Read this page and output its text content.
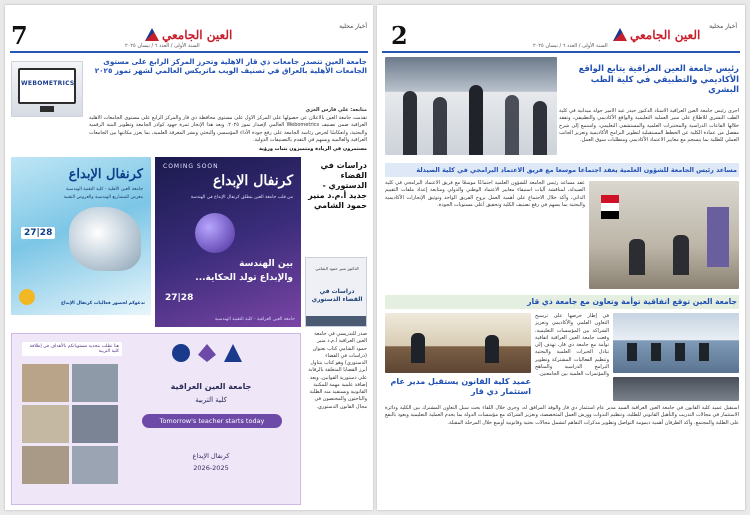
7	العين الجامعي
السنة الأولى / العدد ٦ / نيسان ٢٠٢٥
أخبار محلية
WEBOMETRICS
جامعة العين تتصدر جامعات ذي قار الاهلية وتحرز المركز الرابع على مستوى الجامعات الأهلية بالعراق في تصنيف الويب ماتريكس العالمي لشهر تموز ٢٠٢٥
متابعة: علي فارس الغزي
تقدمت جامعة العين بالاعلان عن حصولها على المركز الأول على مستوى محافظة ذي قار والمركز الرابع على مستوى الجامعات الأهلية العراقية ضمن تصنيف Webometrics العالمي لإصدار تموز ٢٠٢٥. ويعد هذا الإنجاز ثمرة جهود كوادر الجامعة وتطوير البنية الرقمية والبحثية، وانعكاسًا لحرص رئاسة الجامعة على رفع جودة الأداء المؤسسي والبحثي ونشر المعرفة العلمية، بما يعزز مكانتها بين الجامعات العراقية والعالمية ويسهم في التقدم بالتصنيفات الدولية.
مستمرون في الريادة ومتميزون بثبات ورؤية
كرنفال الإبداع
جامعة العين الأهلية - كلية التقنية الهندسية
معرض للمشاريع الهندسية والعروض التقنية
27|28
ندعوكم لحضور فعاليات كرنفال الإبداع
COMING SOON
كرنفال الإبداع
من قلب جامعة العين ينطلق كرنفال الإبداع في الهندسة
بين الهندسة
والإبداع تولد الحكاية...
27|28
جامعة العين العراقية - كلية التقنية الهندسية
دراسات في القضاء الدستوري - جديد أ.م.د منير حمود الشامي
الدكتور منير حمود الشامي
دراسات في القضاء الدستوري
صدر للتدريسي في جامعة العين العراقية أ.م.د منير حمود الشامي كتاب بعنوان (دراسات في القضاء الدستوري) وهو كتاب يتناول أبرز القضايا المتعلقة بالرقابة على دستورية القوانين، ويعد إضافة علمية مهمة للمكتبة القانونية ويستفيد منه الطلبة والباحثون والمختصون في مجال القانون الدستوري.
هنا نطلب بتحديد مستوياتكم بالأهداف في إطلاقة كلية التربية
جامعة العين العراقية
كلية التربية
Tomorrow's teacher starts today
كرنفال الإبداع
2026-2025
2	السنة الأولى / العدد ٦ / نيسان ٢٠٢٥
العين الجامعي
أخبار محلية
رئيس جامعة العين العراقية يتابع الواقع الأكاديمي والتطبيقي في كلية الطب البشري
أجرى رئيس جامعة العين العراقية الأستاذ الدكتور حيدر عبد الأمير جولة ميدانية في كلية الطب البشري للاطلاع على سير العملية التعليمية والواقع الأكاديمي والتطبيقي، وتفقد خلالها القاعات الدراسية والمختبرات العلمية والمستشفى التعليمي، واستمع إلى شرح مفصل من عمادة الكلية عن الخطط المستقبلية لتطوير البرامج الأكاديمية وتعزيز الجانب العملي للطلبة بما ينسجم مع معايير الاعتماد الأكاديمي ومتطلبات سوق العمل.
مساعد رئيس الجامعة للشؤون العلمية يعقد اجتماعا موسعا مع فريق الاعتماد البرامجي في كلية الصيدلة
عقد مساعد رئيس الجامعة للشؤون العلمية اجتماعًا موسعًا مع فريق الاعتماد البرامجي في كلية الصيدلة، لمناقشة آليات استيفاء معايير الاعتماد الوطني والدولي ومتابعة إعداد ملفات التقييم الذاتي، وأكد خلال الاجتماع على أهمية العمل بروح الفريق الواحد وتوثيق الإنجازات الأكاديمية والبحثية بما يسهم في رفع تصنيف الكلية وتحقيق أعلى مستويات الجودة.
جامعة العين توقع اتفاقية توأمة وتعاون مع جامعة ذي قار
في إطار حرصها على ترسيخ التعاون العلمي والأكاديمي وتعزيز الشراكة بين المؤسسات التعليمية، وقعت جامعة العين العراقية اتفاقية توأمة مع جامعة ذي قار، تهدف إلى تبادل الخبرات العلمية والبحثية وتنظيم الفعاليات المشتركة وتطوير البرامج الدراسية والمناهج والمؤتمرات العلمية بين الجامعتين.
عميد كلية القانون يستقبل مدير عام استثمار ذي قار
استقبل عميد كلية القانون في جامعة العين العراقية السيد مدير عام استثمار ذي قار والوفد المرافق له، وجرى خلال اللقاء بحث سبل التعاون المشترك بين الكلية ودائرة الاستثمار في مجالات التدريب والتأهيل القانوني للطلبة، وتنظيم الندوات وورش العمل المتخصصة، وتعزيز الشراكة مع مؤسسات الدولة بما يخدم العملية التعليمية ويعود بالنفع على الطلبة والمجتمع. وأكد الطرفان أهمية ديمومة التواصل وتطوير مذكرات التفاهم لتشمل مجالات بحثية وقانونية أوسع خلال المرحلة المقبلة.
